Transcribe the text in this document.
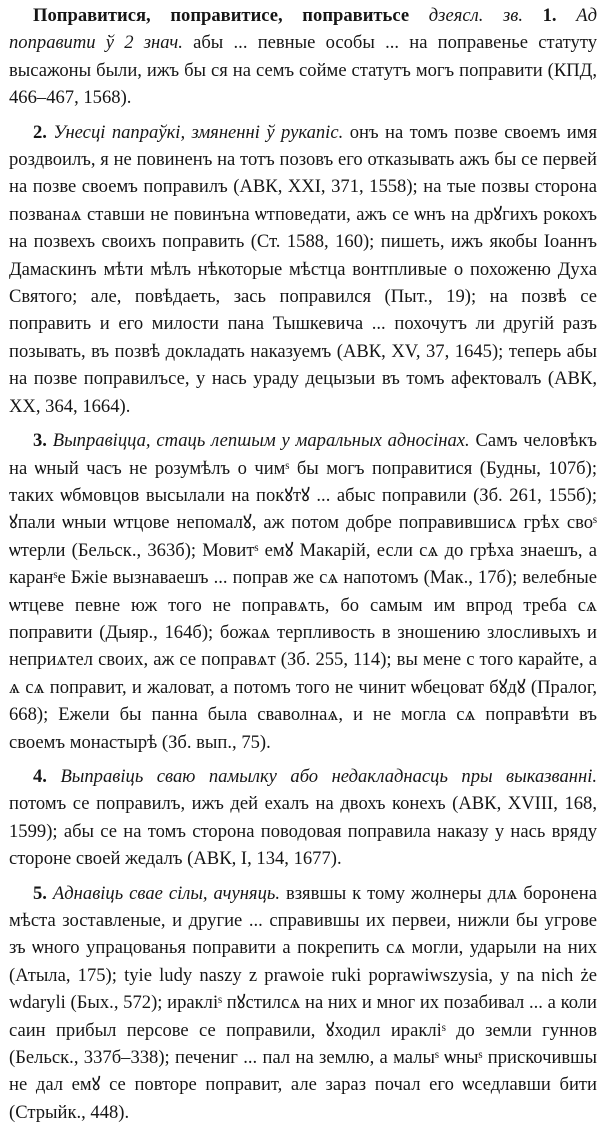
Поправитися, поправитисе, поправитьсе дзеясл. зв. 1. Ад поправити ў 2 знач. абы ... певные особы ... на поправенье статуту высажоны были, ижъ бы ся на семъ сойме статутъ могъ поправити (КПД, 466–467, 1568).

2. Унесці папраўкі, змяненні ў рукапіс. онъ на томъ позве своемъ имя роздвоилъ, я не повиненъ на тотъ позовъ его отказывать ажъ бы се первей на позве своемъ поправилъ (АВК, XXI, 371, 1558); на тые позвы сторона позванаѧ ставши не повинъна ѡтповедати, ажъ се ѡнъ на дрꙋгихъ рокохъ на позвехъ своихъ поправить (Ст. 1588, 160); пишеть, ижъ якобы Іоаннъ Дамаскинъ мѣти мѣлъ нѣкоторые мѣстца вонтпливые о похоженю Духа Святого; але, повѣдаеть, зась поправился (Пыт., 19); на позвѣ се поправить и его милости пана Тышкевича ... похочутъ ли другій разъ позывать, въ позвѣ докладать наказуемъ (АВК, XV, 37, 1645); теперь абы на позве поправилъсе, у нась ураду децызыи въ томъ афектовалъ (АВК, XX, 364, 1664).

3. Выправіцца, стаць лепшым у маральных адносінах. Самъ человѣкъ на ѡный часъ не розумѣлъ о чимˢ бы могъ поправитися (Будны, 107б); таких ѡбмовцов высылали на покꙋтꙋ ... абыс поправили (Зб. 261, 155б); ꙋпали ѡныи ѡтцове непомалꙋ, аж потом добре поправившисѧ грѣх своˢ ѡтерли (Бельск., 363б); Мовитˢ емꙋ Макарій, если сѧ до грѣха знаешъ, а каранˢе Бжіе вызнаваешъ ... поправ же сѧ напотомъ (Мак., 17б); велебные ѡтцеве певне юж того не поправѧть, бо самым им впрод треба сѧ поправити (Дыяр., 164б); божаѧ терпливость в зношению злосливыхъ и неприѧтел своих, аж се поправѧт (Зб. 255, 114); вы мене с того карайте, а ѧ сѧ поправит, и жаловат, а потомъ того не чинит ѡбецоват бꙋдꙋ (Пралог, 668); Ежели бы панна была сваволнаѧ, и не могла сѧ поправѣти въ своемъ монастырѣ (Зб. вып., 75).

4. Выправіць сваю памылку або недакладнасць пры выказванні. потомъ се поправилъ, ижъ дей ехалъ на двохъ конехъ (АВК, XVIII, 168, 1599); абы се на томъ сторона поводовая поправила наказу у нась вряду стороне своей жедалъ (АВК, I, 134, 1677).

5. Аднавіць свае сілы, ачуняць. взявшы к тому жолнеры длѧ боронена мѣста зоставленые, и другие ... справившы их первеи, нижли бы угрове зъ ѡного упрацованья поправити а покрепить сѧ могли, ударыли на них (Атыла, 175); tyie ludy naszy z prawoie ruki poprawiwszysia, у na nich że wdaryli (Бых., 572); иракліˢ пꙋстилсѧ на них и мног их позабивал ... а коли саин прибыл персове се поправили, ꙋходил иракліˢ до земли гуннов (Бельск., 337б–338); печениг ... пал на землю, а малыˢ ѡныˢ прискочившы не дал емꙋ се повторе поправит, але зараз почал его ѡседлавши бити (Стрыйк., 448).
